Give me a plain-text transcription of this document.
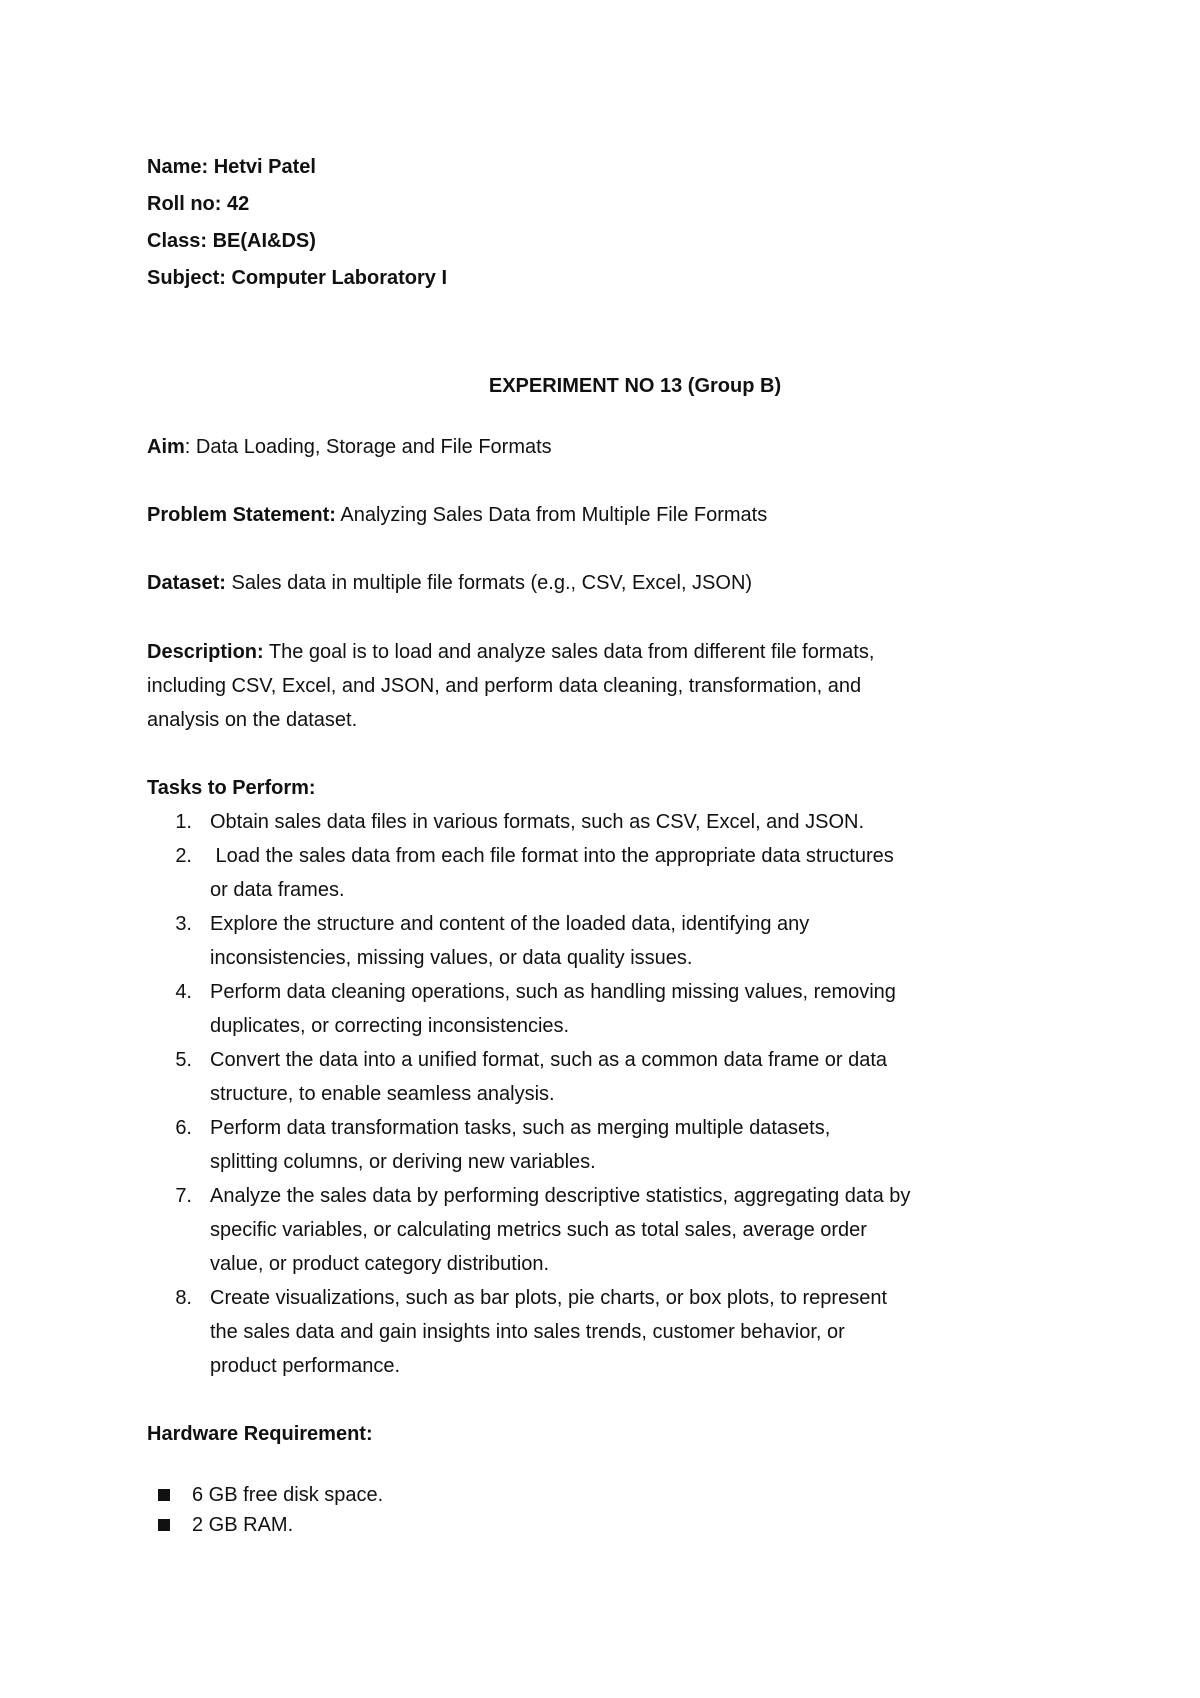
Name: Hetvi Patel
Roll no: 42
Class: BE(AI&DS)
Subject: Computer Laboratory I
EXPERIMENT NO 13 (Group B)
Aim: Data Loading, Storage and File Formats
Problem Statement: Analyzing Sales Data from Multiple File Formats
Dataset: Sales data in multiple file formats (e.g., CSV, Excel, JSON)
Description: The goal is to load and analyze sales data from different file formats,
including CSV, Excel, and JSON, and perform data cleaning, transformation, and
analysis on the dataset.
Tasks to Perform:
1. Obtain sales data files in various formats, such as CSV, Excel, and JSON.
2. Load the sales data from each file format into the appropriate data structures
or data frames.
3. Explore the structure and content of the loaded data, identifying any
inconsistencies, missing values, or data quality issues.
4. Perform data cleaning operations, such as handling missing values, removing
duplicates, or correcting inconsistencies.
5. Convert the data into a unified format, such as a common data frame or data
structure, to enable seamless analysis.
6. Perform data transformation tasks, such as merging multiple datasets,
splitting columns, or deriving new variables.
7. Analyze the sales data by performing descriptive statistics, aggregating data by
specific variables, or calculating metrics such as total sales, average order
value, or product category distribution.
8. Create visualizations, such as bar plots, pie charts, or box plots, to represent
the sales data and gain insights into sales trends, customer behavior, or
product performance.
Hardware Requirement:
6 GB free disk space.
2 GB RAM.
